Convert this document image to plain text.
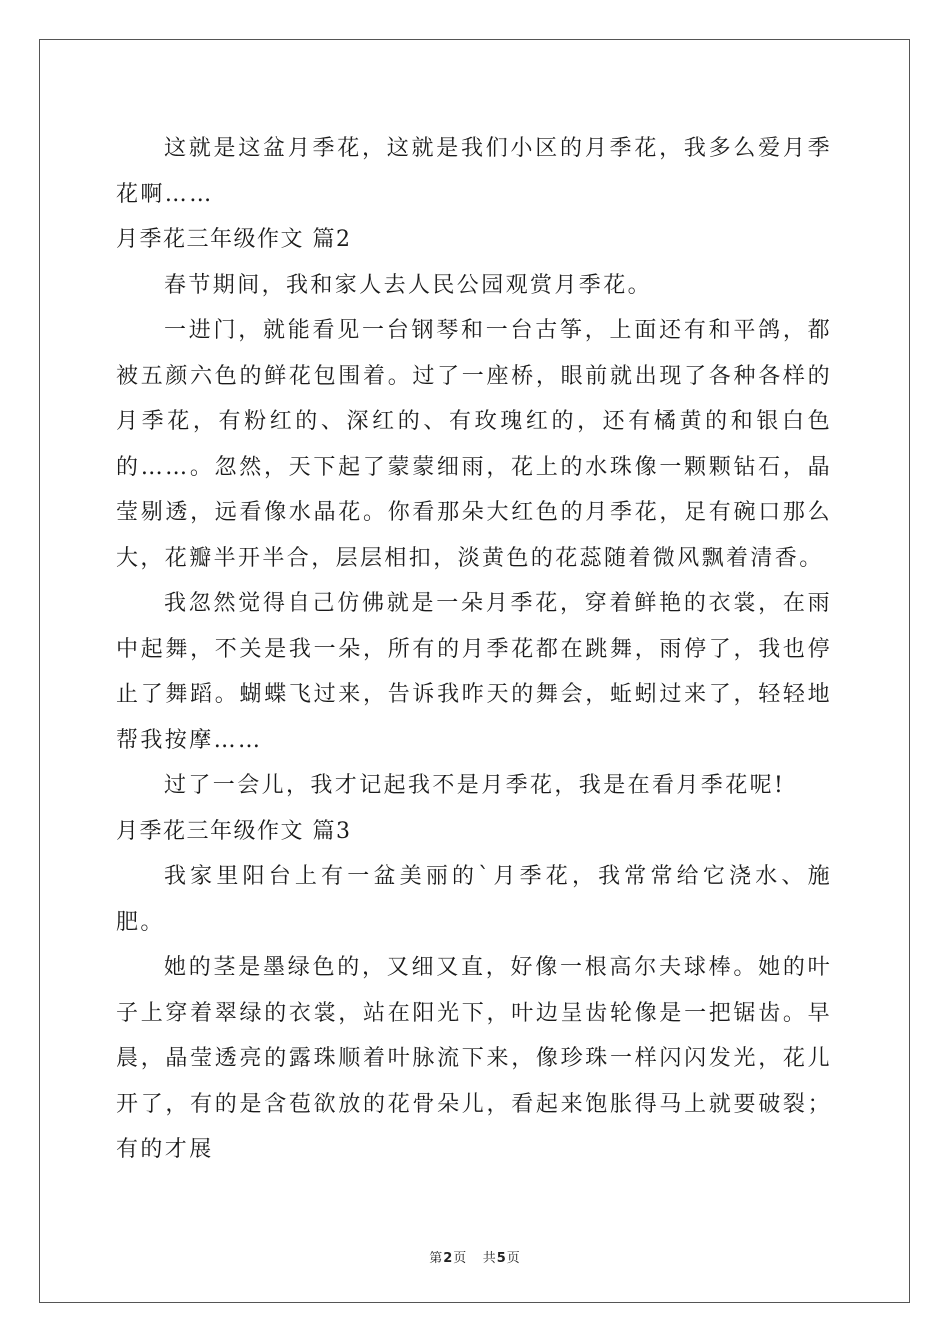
这就是这盆月季花，这就是我们小区的月季花，我多么爱月季花啊……

月季花三年级作文 篇2

春节期间，我和家人去人民公园观赏月季花。

一进门，就能看见一台钢琴和一台古筝，上面还有和平鸽，都被五颜六色的鲜花包围着。过了一座桥，眼前就出现了各种各样的月季花，有粉红的、深红的、有玫瑰红的，还有橘黄的和银白色的……。忽然，天下起了蒙蒙细雨，花上的水珠像一颗颗钻石，晶莹剔透，远看像水晶花。你看那朵大红色的月季花，足有碗口那么大，花瓣半开半合，层层相扣，淡黄色的花蕊随着微风飘着清香。

我忽然觉得自己仿佛就是一朵月季花，穿着鲜艳的衣裳，在雨中起舞，不关是我一朵，所有的月季花都在跳舞，雨停了，我也停止了舞蹈。蝴蝶飞过来，告诉我昨天的舞会，蚯蚓过来了，轻轻地帮我按摩……

过了一会儿，我才记起我不是月季花，我是在看月季花呢!

月季花三年级作文 篇3

我家里阳台上有一盆美丽的`月季花，我常常给它浇水、施肥。

她的茎是墨绿色的，又细又直，好像一根高尔夫球棒。她的叶子上穿着翠绿的衣裳，站在阳光下，叶边呈齿轮像是一把锯齿。早晨，晶莹透亮的露珠顺着叶脉流下来，像珍珠一样闪闪发光，花儿开了，有的是含苞欲放的花骨朵儿，看起来饱胀得马上就要破裂；有的才展

第2页 共5页
